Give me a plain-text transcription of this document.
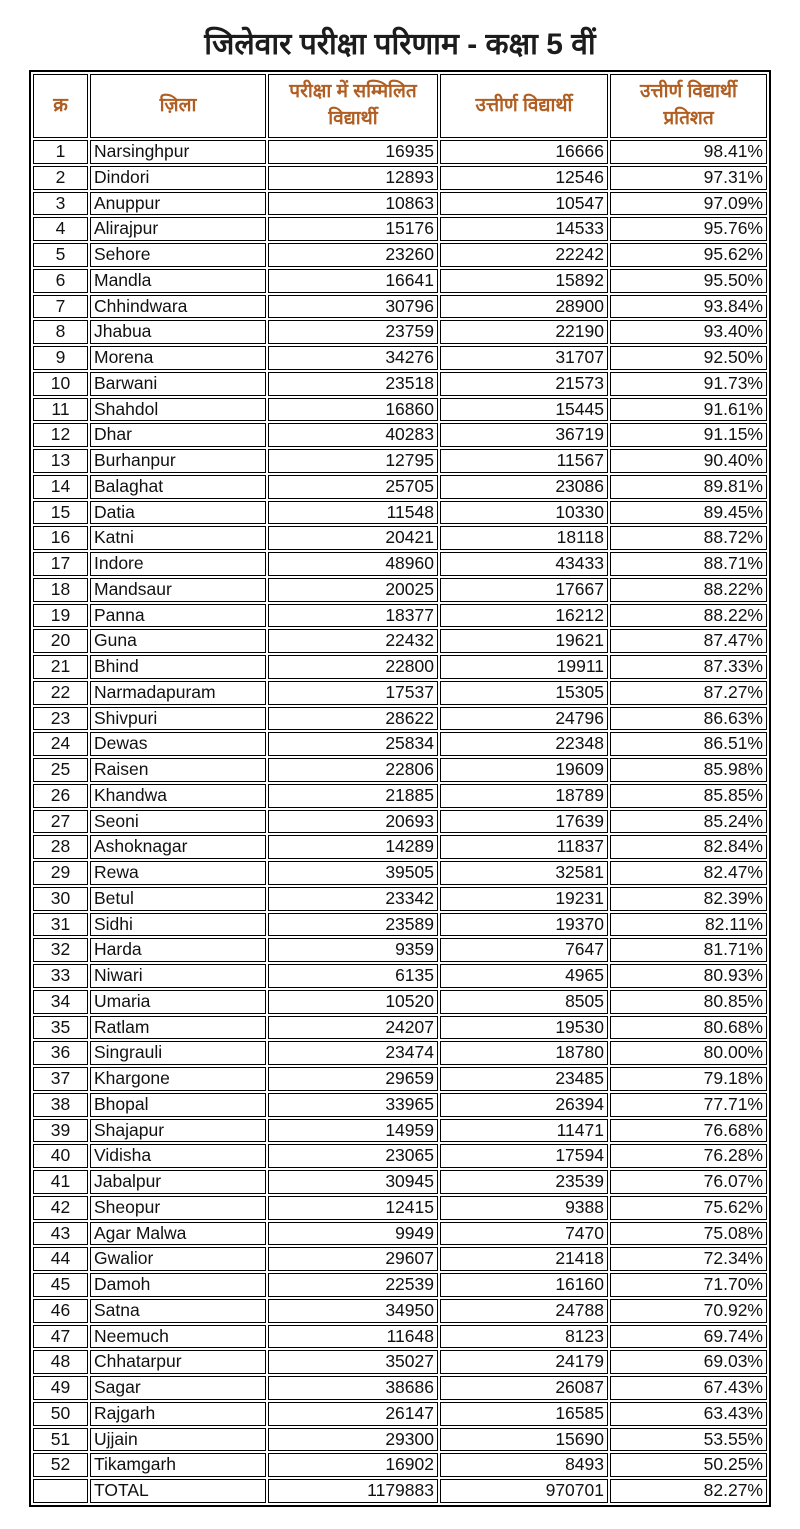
जिलेवार परीक्षा परिणाम - कक्षा 5 वीं
क्र	ज़िला	परीक्षा में सम्मिलित विद्यार्थी	उत्तीर्ण विद्यार्थी	उत्तीर्ण विद्यार्थी प्रतिशत
1	Narsinghpur	16935	16666	98.41%
2	Dindori	12893	12546	97.31%
3	Anuppur	10863	10547	97.09%
4	Alirajpur	15176	14533	95.76%
5	Sehore	23260	22242	95.62%
6	Mandla	16641	15892	95.50%
7	Chhindwara	30796	28900	93.84%
8	Jhabua	23759	22190	93.40%
9	Morena	34276	31707	92.50%
10	Barwani	23518	21573	91.73%
11	Shahdol	16860	15445	91.61%
12	Dhar	40283	36719	91.15%
13	Burhanpur	12795	11567	90.40%
14	Balaghat	25705	23086	89.81%
15	Datia	11548	10330	89.45%
16	Katni	20421	18118	88.72%
17	Indore	48960	43433	88.71%
18	Mandsaur	20025	17667	88.22%
19	Panna	18377	16212	88.22%
20	Guna	22432	19621	87.47%
21	Bhind	22800	19911	87.33%
22	Narmadapuram	17537	15305	87.27%
23	Shivpuri	28622	24796	86.63%
24	Dewas	25834	22348	86.51%
25	Raisen	22806	19609	85.98%
26	Khandwa	21885	18789	85.85%
27	Seoni	20693	17639	85.24%
28	Ashoknagar	14289	11837	82.84%
29	Rewa	39505	32581	82.47%
30	Betul	23342	19231	82.39%
31	Sidhi	23589	19370	82.11%
32	Harda	9359	7647	81.71%
33	Niwari	6135	4965	80.93%
34	Umaria	10520	8505	80.85%
35	Ratlam	24207	19530	80.68%
36	Singrauli	23474	18780	80.00%
37	Khargone	29659	23485	79.18%
38	Bhopal	33965	26394	77.71%
39	Shajapur	14959	11471	76.68%
40	Vidisha	23065	17594	76.28%
41	Jabalpur	30945	23539	76.07%
42	Sheopur	12415	9388	75.62%
43	Agar Malwa	9949	7470	75.08%
44	Gwalior	29607	21418	72.34%
45	Damoh	22539	16160	71.70%
46	Satna	34950	24788	70.92%
47	Neemuch	11648	8123	69.74%
48	Chhatarpur	35027	24179	69.03%
49	Sagar	38686	26087	67.43%
50	Rajgarh	26147	16585	63.43%
51	Ujjain	29300	15690	53.55%
52	Tikamgarh	16902	8493	50.25%
	TOTAL	1179883	970701	82.27%
